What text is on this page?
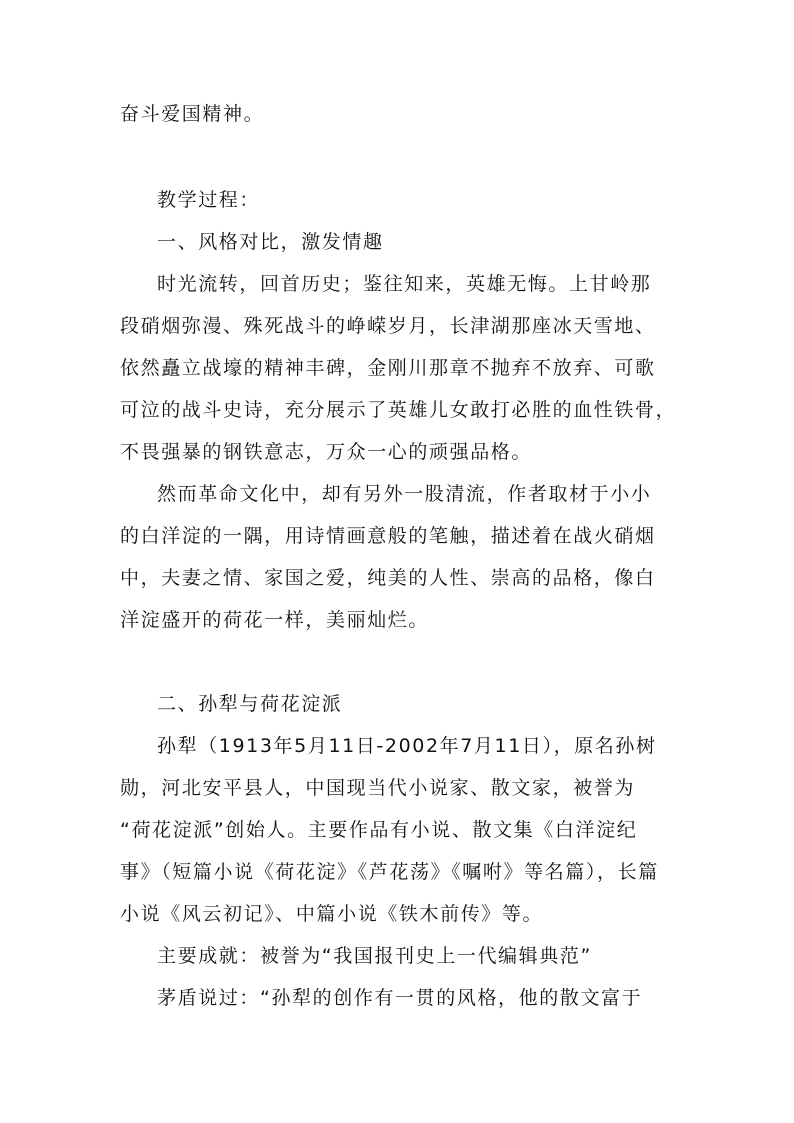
奋斗爱国精神。
教学过程：
一、风格对比，激发情趣
时光流转，回首历史；鉴往知来，英雄无悔。上甘岭那
段硝烟弥漫、殊死战斗的峥嵘岁月，长津湖那座冰天雪地、
依然矗立战壕的精神丰碑，金刚川那章不抛弃不放弃、可歌
可泣的战斗史诗，充分展示了英雄儿女敢打必胜的血性铁骨，
不畏强暴的钢铁意志，万众一心的顽强品格。
然而革命文化中，却有另外一股清流，作者取材于小小
的白洋淀的一隅，用诗情画意般的笔触，描述着在战火硝烟
中，夫妻之情、家国之爱，纯美的人性、崇高的品格，像白
洋淀盛开的荷花一样，美丽灿烂。
二、孙犁与荷花淀派
孙犁（1913年5月11日-2002年7月11日），原名孙树
勋，河北安平县人，中国现当代小说家、散文家，被誉为
“荷花淀派”创始人。主要作品有小说、散文集《白洋淀纪
事》（短篇小说《荷花淀》《芦花荡》《嘱咐》等名篇），长篇
小说《风云初记》、中篇小说《铁木前传》等。
主要成就：被誉为“我国报刊史上一代编辑典范”
茅盾说过：“孙犁的创作有一贯的风格，他的散文富于
